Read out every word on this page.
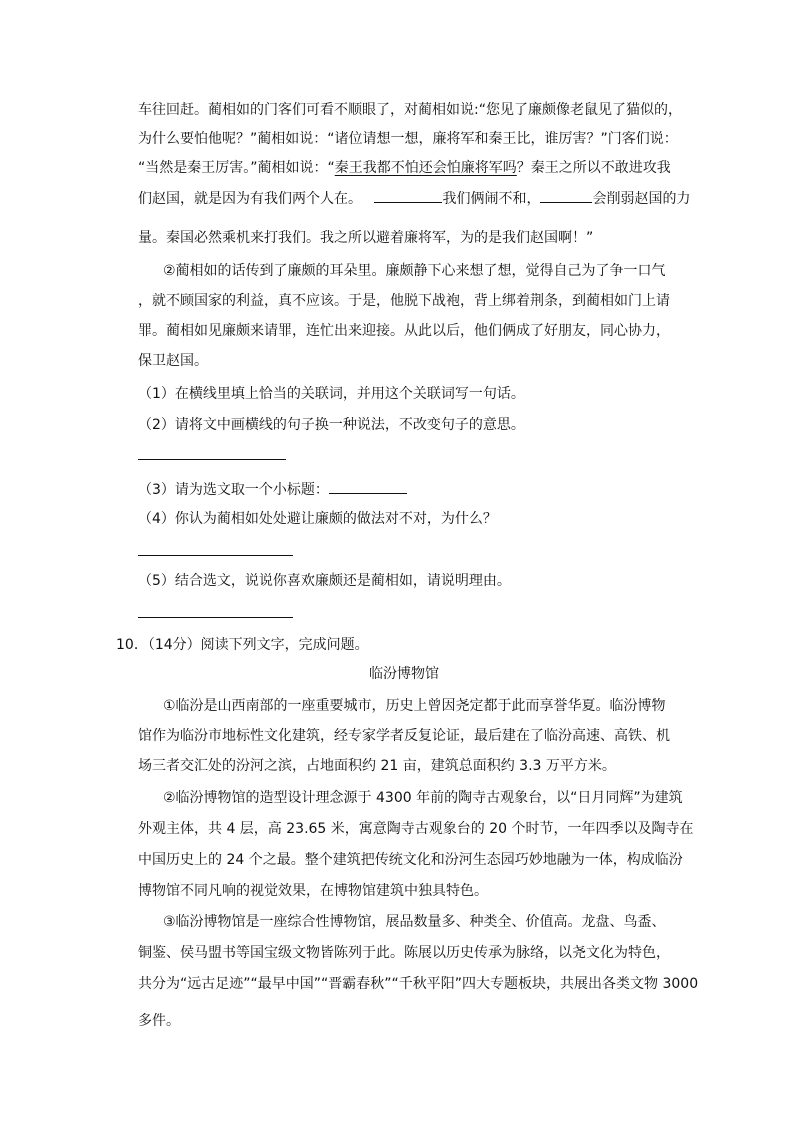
车往回赶。蔺相如的门客们可看不顺眼了，对蔺相如说:“您见了廉颇像老鼠见了猫似的，
为什么要怕他呢？”蔺相如说：“诸位请想一想，廉将军和秦王比，谁厉害？”门客们说：
“当然是秦王厉害。”蔺相如说：“秦王我都不怕还会怕廉将军吗？秦王之所以不敢进攻我
们赵国，就是因为有我们两个人在。	我们俩闹不和，	会削弱赵国的力
量。秦国必然乘机来打我们。我之所以避着廉将军，为的是我们赵国啊！”
②蔺相如的话传到了廉颇的耳朵里。廉颇静下心来想了想，觉得自己为了争一口气
，就不顾国家的利益，真不应该。于是，他脱下战袍，背上绑着荆条，到蔺相如门上请
罪。蔺相如见廉颇来请罪，连忙出来迎接。从此以后，他们俩成了好朋友，同心协力，
保卫赵国。
（1）在横线里填上恰当的关联词，并用这个关联词写一句话。
（2）请将文中画横线的句子换一种说法，不改变句子的意思。
（3）请为选文取一个小标题：
（4）你认为蔺相如处处避让廉颇的做法对不对，为什么？
（5）结合选文，说说你喜欢廉颇还是蔺相如，请说明理由。
10．（14分）阅读下列文字，完成问题。
临汾博物馆
①临汾是山西南部的一座重要城市，历史上曾因尧定都于此而享誉华夏。临汾博物
馆作为临汾市地标性文化建筑，经专家学者反复论证，最后建在了临汾高速、高铁、机
场三者交汇处的汾河之滨，占地面积约 21 亩，建筑总面积约 3.3 万平方米。
②临汾博物馆的造型设计理念源于 4300 年前的陶寺古观象台，以“日月同辉”为建筑
外观主体，共 4 层，高 23.65 米，寓意陶寺古观象台的 20 个时节，一年四季以及陶寺在
中国历史上的 24 个之最。整个建筑把传统文化和汾河生态园巧妙地融为一体，构成临汾
博物馆不同凡响的视觉效果，在博物馆建筑中独具特色。
③临汾博物馆是一座综合性博物馆，展品数量多、种类全、价值高。龙盘、鸟盉、
铜鉴、侯马盟书等国宝级文物皆陈列于此。陈展以历史传承为脉络，以尧文化为特色，
共分为“远古足迹”“最早中国”“晋霸春秋”“千秋平阳”四大专题板块，共展出各类文物 3000
多件。
